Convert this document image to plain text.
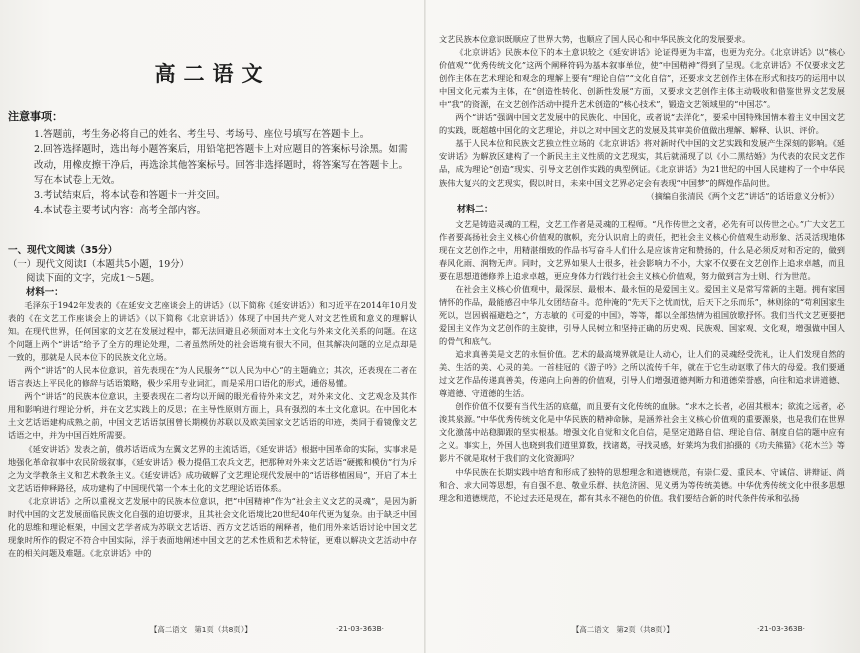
高二语文
注意事项：

1.答题前，考生务必将自己的姓名、考生号、考场号、座位号填写在答题卡上。

2.回答选择题时，选出每小题答案后，用铅笔把答题卡上对应题目的答案标号涂黑。如需改动，用橡皮擦干净后，再选涂其他答案标号。回答非选择题时，将答案写在答题卡上。写在本试卷上无效。

3.考试结束后，将本试卷和答题卡一并交回。

4.本试卷主要考试内容：高考全部内容。

一、现代文阅读（35分）
（一）现代文阅读Ⅰ（本题共5小题，19分）
阅读下面的文字，完成1～5题。
材料一：

毛泽东于1942年发表的《在延安文艺座谈会上的讲话》（以下简称《延安讲话》）和习近平在2014年10月发表的《在文艺工作座谈会上的讲话》（以下简称《北京讲话》）体现了中国共产党人对文艺性质和意义的理解认知。在现代世界，任何国家的文艺在发展过程中，都无法回避且必须面对本土文化与外来文化关系的问题。在这个问题上两个“讲话”给予了全方的理论处理，二者虽然所处的社会语境有很大不同，但其解决问题的立足点却是一致的，那就是人民本位下的民族文化立场。

两个“讲话”的人民本位意识，首先表现在“为人民服务”“以人民为中心”的主题确立；其次，还表现在二者在语言表达上平民化的修辞与话语策略，极少采用专业词汇，而是采用口语化的形式，通俗易懂。

两个“讲话”的民族本位意识，主要表现在二者均以开阔的眼光看待外来文艺，对外来文化、文艺观念及其作用和影响进行理论分析，并在文艺实践上的反思；在主导性原则方面上，具有强烈的本土文化意识。在中国化本土文艺话语建构成熟之前，中国文艺话语氛围曾长期模仿苏联以及欧美国家文艺话语的印迹，类同于看镜像文艺话语之中，并为中国百姓所需要。

《延安讲话》发表之前，俄苏话语成为左翼文艺界的主流话语，《延安讲话》根据中国革命的实际，实事求是地强化革命叙事中农民阶级叙事，《延安讲话》极力提倡工农兵文艺，把那种对外来文艺话语“硬搬和模仿”行为斥之为文学教条主义和艺术教条主义。《延安讲话》成功破解了文艺理论现代发展中的“话语移植困局”，开启了本土文艺话语伸释路径，成功建构了中国现代第一个本土化的文艺理论话语体系。

《北京讲话》之所以重视文艺发展中的民族本位意识，把“中国精神”作为“社会主义文艺的灵魂”，是因为新时代中国的文艺发展面临民族文化自强的迫切要求，且其社会文化语境比20世纪40年代更为复杂。由于缺乏中国化的思维和理论框架，中国文艺学者成为苏联文艺话语、西方文艺话语的阐释者，他们用外来话语讨论中国文艺现象时所作的假定不符合中国实际，浮于表面地阐述中国文艺的艺术性质和艺术特征，更难以解决文艺活动中存在的相关问题及难题。《北京讲话》中的

【高二语文　第1页（共8页）】	·21-03-363B·

文艺民族本位意识既顺应了世界大势，也顺应了国人民心和中华民族文化的发展要求。

《北京讲话》民族本位下的本土意识较之《延安讲话》论证得更为丰富，也更为充分。《北京讲话》以“核心价值观”“优秀传统文化”这两个阐释符码为基本叙事单位，使“中国精神”得到了呈现。《北京讲话》不仅要求文艺创作主体在艺术理论和观念的理解上要有“理论自信”“文化自信”，还要求文艺创作主体在形式和技巧的运用中以中国文化元素为主体，在“创造性转化、创新性发展”方面，又要求文艺创作主体主动吸收和借鉴世界文艺发展中“我”的资源，在文艺创作活动中提升艺术创造的“核心技术”，锻造文艺领域里的“中国芯”。

两个“讲话”强调中国文艺发展中的民族化、中国化，或者说“去洋化”，要采中国特殊国情本着主义中国文艺的实践，既超越中国化的文艺理论，并以之对中国文艺的发展及其审美价值做出理解、解释、认识、评价。

基于人民本位和民族文艺独立性立场的《北京讲话》将对新时代中国的文艺实践和发展产生深刻的影响。《延安讲话》为解放区建构了一个新民主主义性质的文艺现实，其后就涌现了以《小二黑结婚》为代表的农民文艺作品，成为理论“创造”现实、引导文艺创作实践的典型例证。《北京讲话》为21世纪的中国人民建构了一个中华民族伟大复兴的文艺现实，假以时日，未来中国文艺界必定会有表现“中国梦”的辉煌作品问世。

（摘编自张清民《两个文艺“讲话”的话语意义分析》）
材料二：

文艺是铸造灵魂的工程，文艺工作者是灵魂的工程师。“凡作传世之文者，必先有可以传世之心。”广大文艺工作者要高扬社会主义核心价值观的旗帜，充分认识肩上的责任，把社会主义核心价值观生动形象、活灵活现地体现在文艺创作之中，用精湛细致的作品书写奋斗人们什么是应该肯定和赞扬的，什么是必须反对和否定的，做到春风化雨、润物无声。同时，文艺界如果人士很多，社会影响力不小，大家不仅要在文艺创作上追求卓越，而且要在思想道德修养上追求卓越，更应身体力行践行社会主义核心价值观，努力做到言为士则、行为世范。

在社会主义核心价值观中，最深层、最根本、最永恒的是爱国主义。爱国主义是常写常新的主题。拥有家国情怀的作品，最能感召中华儿女团结奋斗。范仲淹的“先天下之忧而忧，后天下之乐而乐”，林则徐的“苟利国家生死以，岂因祸福避趋之”，方志敏的《可爱的中国》，等等，都以全部热情为祖国放歌抒怀。我们当代文艺更要把爱国主义作为文艺创作的主旋律，引导人民树立和坚持正确的历史观、民族观、国家观、文化观，增强做中国人的骨气和底气。

追求真善美是文艺的永恒价值。艺术的最高境界就是让人动心，让人们的灵魂经受洗礼，让人们发现自然的美、生活的美、心灵的美。一首桂冠的《游子吟》之所以流传千年，就在于它生动讴歌了伟大的母爱。我们要通过文艺作品传递真善美，传递向上向善的价值观，引导人们增强道德判断力和道德荣誉感，向往和追求讲道德、尊道德、守道德的生活。

创作价值不仅要有当代生活的底蕴，而且要有文化传统的血脉。“求木之长者，必固其根本；欲流之远者，必浚其泉源。”中华优秀传统文化是中华民族的精神命脉，是涵养社会主义核心价值观的重要源泉，也是我们在世界文化激荡中站稳脚跟的坚实根基。增强文化自觉和文化自信，是坚定道路自信、理论自信、制度自信的题中应有之义。事实上，外国人也晓到我们道里算数，找诸葛，寻找灵感，好莱坞为我们拍摄的《功夫熊猫》《花木兰》等影片不就是取材于我们的文化资源吗？

中华民族在长期实践中培育和形成了独特的思想理念和道德规范，有崇仁爱、重民本、守诚信、讲辩证、尚和合、求大同等思想，有自强不息、敬业乐群、扶危济困、见义勇为等传统美德。中华优秀传统文化中很多思想理念和道德规范，不论过去还是现在，都有其永不褪色的价值。我们要结合新的时代条件传承和弘扬

【高二语文　第2页（共8页）】	·21-03-363B·
